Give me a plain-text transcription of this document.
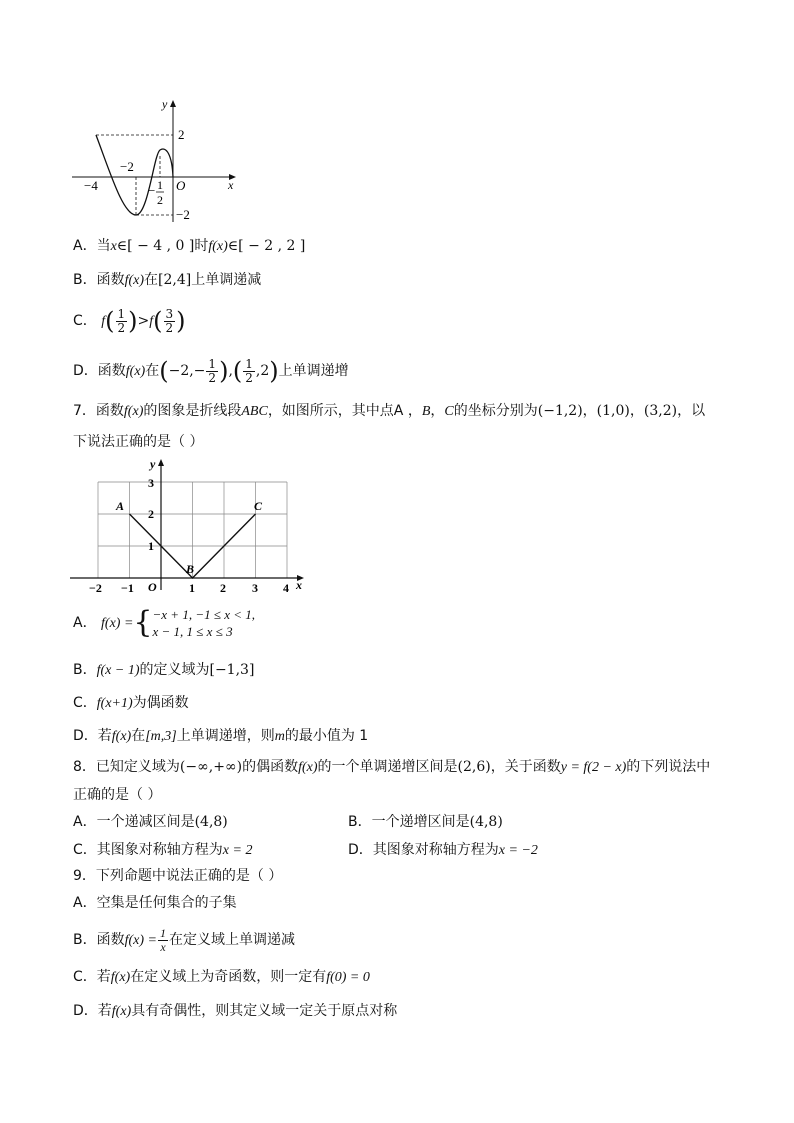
y
x
O
2
−2
−4
−2
− 1
2
A．当x∈[ − 4 , 0 ]时f(x)∈[ − 2 , 2 ]
B．函数f(x)在[2,4]上单调递减
C． $f( \frac{1}{2} )>f( \frac{3}{2}$ )
D．函数f(x)在($-2,- \frac{1}{2}$ ),( $\frac{1}{2} ,2$)上单调递增
7．函数f(x)的图象是折线段ABC，如图所示，其中点A ，B，C的坐标分别为(−1,2)，(1,0)，(3,2)，以
下说法正确的是（ ）
y
x
O
−2 −1	1 2 3 4
1
2
3
A
B
C
A． f(x) ={ −x + 1, −1 ≤ x < 1,
x − 1, 1 ≤ x ≤ 3
B．f(x − 1)的定义域为[−1,3]
C．f(x+1)为偶函数
D．若f(x)在[m,3]上单调递增，则m的最小值为 1
8．已知定义域为(−∞,+∞)的偶函数f(x)的一个单调递增区间是(2,6)，关于函数y = f(2 − x)的下列说法中
正确的是（ ）
A．一个递减区间是(4,8)	B．一个递增区间是(4,8)
C．其图象对称轴方程为x = 2	D．其图象对称轴方程为x = −2
9．下列命题中说法正确的是（ ）
A．空集是任何集合的子集
B．函数$f(x) = \frac{1}{x}$ 在定义域上单调递减
C．若f(x)在定义域上为奇函数，则一定有f(0) = 0
D．若f(x)具有奇偶性，则其定义域一定关于原点对称
